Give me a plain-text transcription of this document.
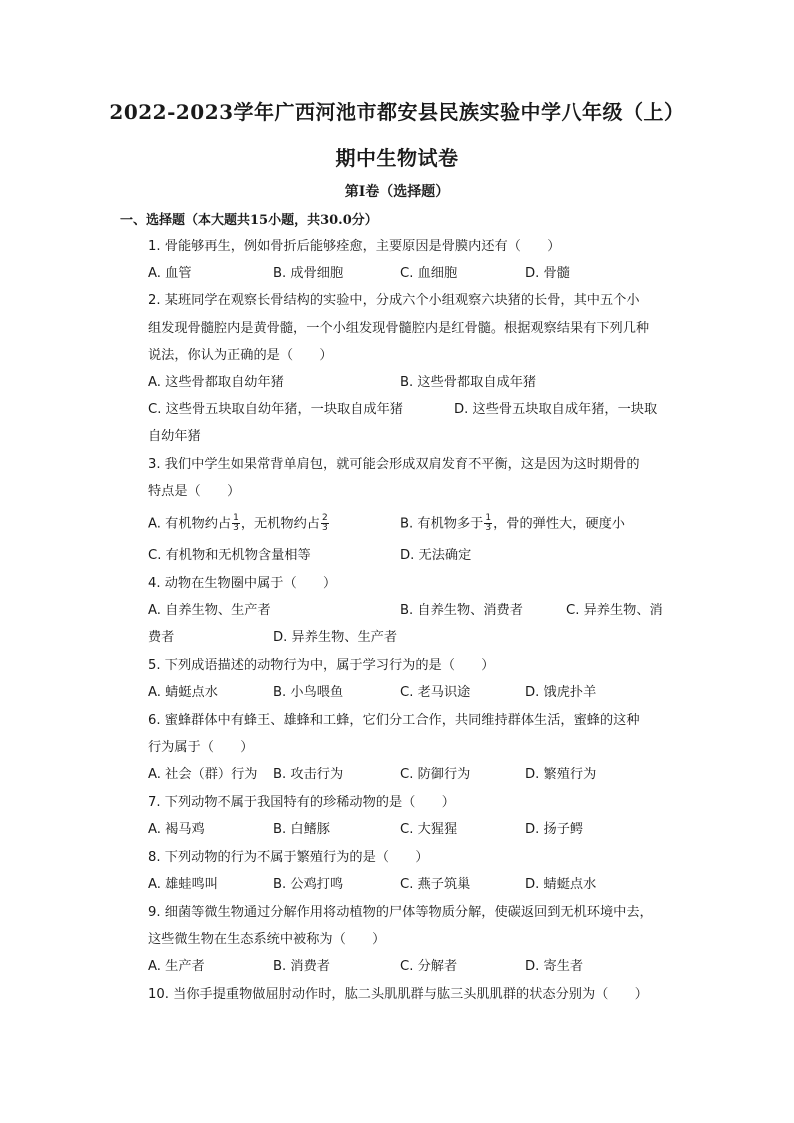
2022-2023学年广西河池市都安县民族实验中学八年级（上）
期中生物试卷
第Ⅰ卷（选择题）
一、选择题（本大题共15小题，共30.0分）
1. 骨能够再生，例如骨折后能够痊愈，主要原因是骨膜内还有（　　）
A. 血管	B. 成骨细胞	C. 血细胞	D. 骨髓
2. 某班同学在观察长骨结构的实验中，分成六个小组观察六块猪的长骨，其中五个小
组发现骨髓腔内是黄骨髓，一个小组发现骨髓腔内是红骨髓。根据观察结果有下列几种
说法，你认为正确的是（　　）
A. 这些骨都取自幼年猪	B. 这些骨都取自成年猪
C. 这些骨五块取自幼年猪，一块取自成年猪	D. 这些骨五块取自成年猪，一块取
自幼年猪
3. 我们中学生如果常背单肩包，就可能会形成双肩发育不平衡，这是因为这时期骨的
特点是（　　）
A. 有机物约占 $\frac{1}{3}$ ，无机物约占 $\frac{2}{3}$	B. 有机物多于 $\frac{1}{3}$ ，骨的弹性大，硬度小
C. 有机物和无机物含量相等	D. 无法确定
4. 动物在生物圈中属于（　　）
A. 自养生物、生产者	B. 自养生物、消费者	C. 异养生物、消
费者	D. 异养生物、生产者
5. 下列成语描述的动物行为中，属于学习行为的是（　　）
A. 蜻蜓点水	B. 小鸟喂鱼	C. 老马识途	D. 饿虎扑羊
6. 蜜蜂群体中有蜂王、雄蜂和工蜂，它们分工合作，共同维持群体生活，蜜蜂的这种
行为属于（　　）
A. 社会（群）行为 B. 攻击行为	C. 防御行为	D. 繁殖行为
7. 下列动物不属于我国特有的珍稀动物的是（　　）
A. 褐马鸡	B. 白鳍豚	C. 大猩猩	D. 扬子鳄
8. 下列动物的行为不属于繁殖行为的是（　　）
A. 雄蛙鸣叫	B. 公鸡打鸣	C. 燕子筑巢	D. 蜻蜓点水
9. 细菌等微生物通过分解作用将动植物的尸体等物质分解，使碳返回到无机环境中去，
这些微生物在生态系统中被称为（　　）
A. 生产者	B. 消费者	C. 分解者	D. 寄生者
10. 当你手提重物做屈肘动作时，肱二头肌肌群与肱三头肌肌群的状态分别为（　　）
